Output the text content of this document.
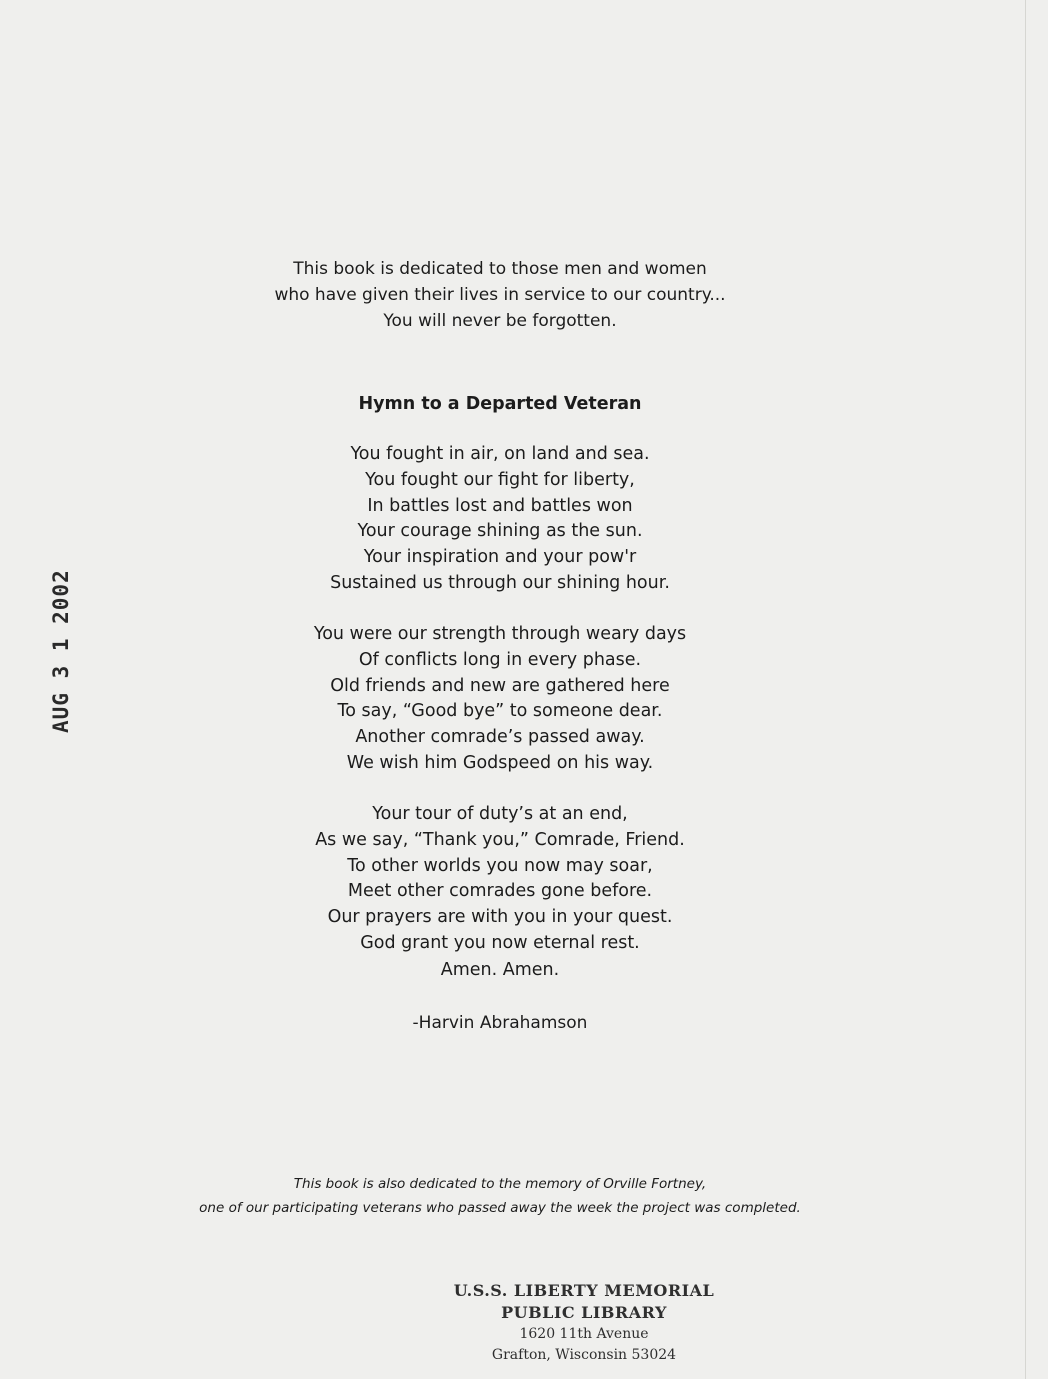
This book is dedicated to those men and women
who have given their lives in service to our country...
You will never be forgotten.
Hymn to a Departed Veteran
You fought in air, on land and sea.
You fought our fight for liberty,
In battles lost and battles won
Your courage shining as the sun.
Your inspiration and your pow'r
Sustained us through our shining hour.
You were our strength through weary days
Of conflicts long in every phase.
Old friends and new are gathered here
To say, “Good bye” to someone dear.
Another comrade’s passed away.
We wish him Godspeed on his way.
Your tour of duty’s at an end,
As we say, “Thank you,” Comrade, Friend.
To other worlds you now may soar,
Meet other comrades gone before.
Our prayers are with you in your quest.
God grant you now eternal rest.
Amen. Amen.
-Harvin Abrahamson
This book is also dedicated to the memory of Orville Fortney,
one of our participating veterans who passed away the week the project was completed.
AUG 3 1 2002
U.S.S. LIBERTY MEMORIAL
PUBLIC LIBRARY
1620 11th Avenue
Grafton, Wisconsin 53024
